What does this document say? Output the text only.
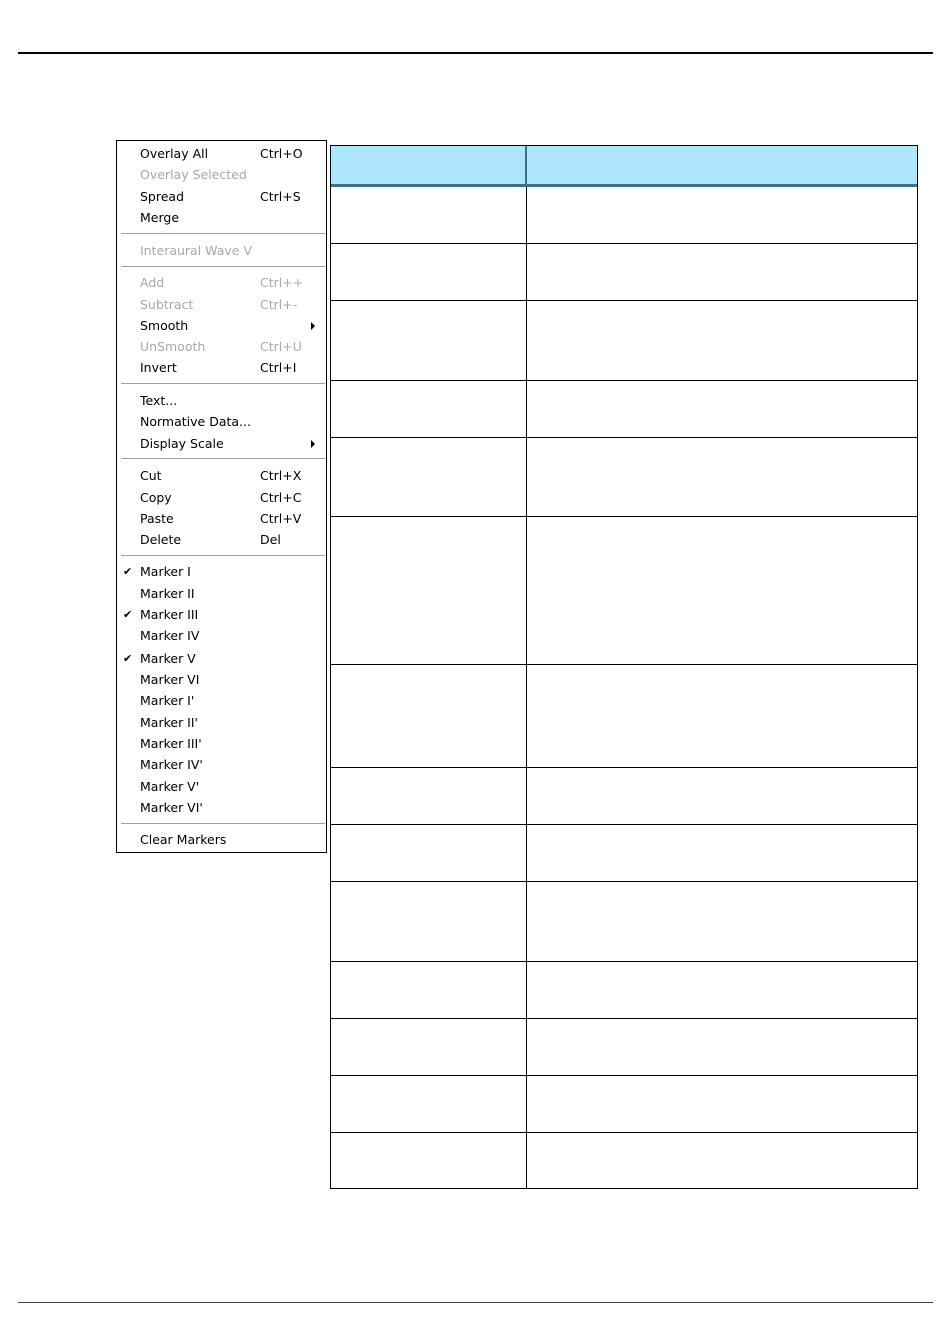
Overlay All	Ctrl+O
Overlay Selected
Spread	Ctrl+S
Merge
Interaural Wave V
Add	Ctrl++
Subtract	Ctrl+-
Smooth
UnSmooth	Ctrl+U
Invert	Ctrl+I
Text...
Normative Data...
Display Scale
Cut	Ctrl+X
Copy	Ctrl+C
Paste	Ctrl+V
Delete	Del
✔ Marker I
Marker II
✔ Marker III
Marker IV
✔ Marker V
Marker VI
Marker I'
Marker II'
Marker III'
Marker IV'
Marker V'
Marker VI'
Clear Markers
